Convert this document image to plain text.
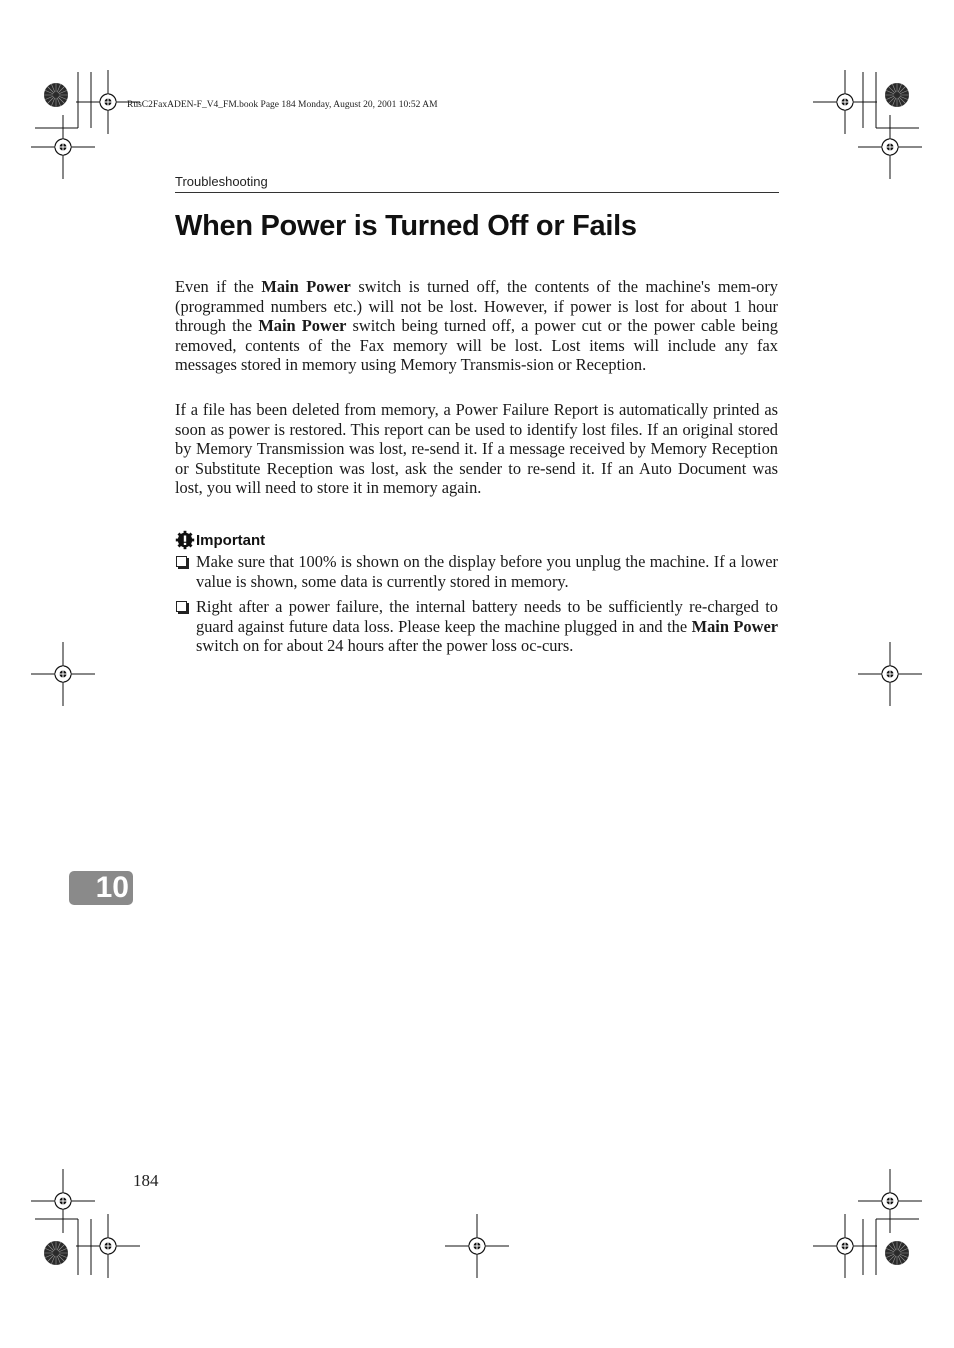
RusC2FaxADEN-F_V4_FM.book Page 184 Monday, August 20, 2001 10:52 AM
Troubleshooting
When Power is Turned Off or Fails

Even if the Main Power switch is turned off, the contents of the machine's mem-ory (programmed numbers etc.) will not be lost. However, if power is lost for about 1 hour through the Main Power switch being turned off, a power cut or the power cable being removed, contents of the Fax memory will be lost. Lost items will include any fax messages stored in memory using Memory Transmis-sion or Reception.

If a file has been deleted from memory, a Power Failure Report is automatically printed as soon as power is restored. This report can be used to identify lost files. If an original stored by Memory Transmission was lost, re-send it. If a message received by Memory Reception or Substitute Reception was lost, ask the sender to re-send it. If an Auto Document was lost, you will need to store it in memory again.

Important
Make sure that 100% is shown on the display before you unplug the machine. If a lower value is shown, some data is currently stored in memory.
Right after a power failure, the internal battery needs to be sufficiently re-charged to guard against future data loss. Please keep the machine plugged in and the Main Power switch on for about 24 hours after the power loss oc-curs.
10
184
